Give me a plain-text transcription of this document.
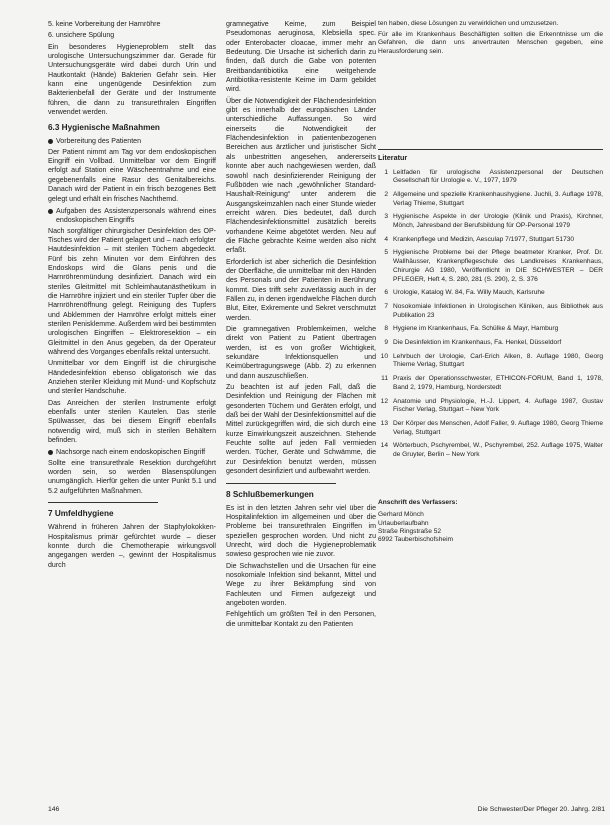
5. keine Vorbereitung der Harnröhre
6. unsichere Spülung
Ein besonderes Hygieneproblem stellt das urologische Untersuchungszimmer dar. Gerade für Untersuchungsgeräte wird dabei durch Urin und Hautkontakt (Hände) Bakterien Gefahr sein. Hier kann eine ungenügende Desinfektion zum Bakterienbefall der Geräte und der Instrumente führen, die dann zu transurethralen Eingriffen verwendet werden.
6.3 Hygienische Maßnahmen
Vorbereitung des Patienten
Der Patient nimmt am Tag vor dem endoskopischen Eingriff ein Vollbad. Unmittelbar vor dem Eingriff erfolgt auf Station eine Wäscheentnahme und eine gegebenenfalls eine Rasur des Genitalbereichs. Danach wird der Patient in ein frisch bezogenes Bett gelegt und erhält ein frisches Nachthemd.
Aufgaben des Assistenzpersonals während eines endoskopischen Eingriffs
Nach sorgfältiger chirurgischer Desinfektion des OP-Tisches wird der Patient gelagert und – nach erfolgter Hautdesinfektion – mit sterilen Tüchern abgedeckt. Fünf bis zehn Minuten vor dem Einführen des Endoskops wird die Glans penis und die Harnröhrenmündung desinfiziert. Danach wird ein steriles Gleitmittel mit Schleimhautanästhetikum in die Harnröhre injiziert und ein steriler Tupfer über die Harnröhrenöffnung gelegt. Reinigung des Tupfers und Abklemmen der Harnröhre erfolgt mittels einer sterilen Penisklemme. Außerdem wird bei bestimmten urologischen Eingriffen – Elektroresektion – ein Gleitmittel in den Anus gegeben, da der Operateur während des Vorganges ebenfalls rektal untersucht.
Unmittelbar vor dem Eingriff ist die chirurgische Händedesinfektion ebenso obligatorisch wie das Anziehen steriler Kleidung mit Mund- und Kopfschutz und steriler Handschuhe.
Das Anreichen der sterilen Instrumente erfolgt ebenfalls unter sterilen Kautelen. Das sterile Spülwasser, das bei diesem Eingriff ebenfalls notwendig wird, muß sich in sterilen Behältern befinden.
Nachsorge nach einem endoskopischen Eingriff
Sollte eine transurethrale Resektion durchgeführt worden sein, so werden Blasenspülungen unumgänglich. Hierfür gelten die unter Punkt 5.1 und 5.2 aufgeführten Maßnahmen.
7 Umfeldhygiene
Während in früheren Jahren der Staphylokokken-Hospitalismus primär gefürchtet wurde – dieser konnte durch die Chemotherapie wirkungsvoll angegangen werden –, gewinnt der Hospitalismus durch
gramnegative Keime, zum Beispiel Pseudomonas aeruginosa, Klebsiella spec. oder Enterobacter cloacae, immer mehr an Bedeutung. Die Ursache ist sicherlich darin zu finden, daß durch die Gabe von potenten Breitbandantibiotika eine weitgehende Antibiotika-resistente Keime im Darm gebildet wird.
Über die Notwendigkeit der Flächendesinfektion gibt es innerhalb der europäischen Länder unterschiedliche Auffassungen. So wird einerseits die Notwendigkeit der Flächendesinfektion in patientenbezogenen Bereichen aus ärztlicher und juristischer Sicht als unbestritten angesehen, andererseits konnte aber auch nachgewiesen werden, daß sowohl nach desinfizierender Reinigung der Fußböden wie nach „gewöhnlicher Standard-Haushalt-Reinigung“ unter anderem die Ausgangskeimzahlen nach einer Stunde wieder erreicht wären. Dies bedeutet, daß durch Flächendesinfektionsmittel zusätzlich bereits vorhandene Keime abgetötet werden. Neu auf die Fläche gebrachte Keime werden also nicht erfaßt.
Erforderlich ist aber sicherlich die Desinfektion der Oberfläche, die unmittelbar mit den Händen des Personals und der Patienten in Berührung kommt. Dies trifft sehr zuverlässig auch in der Fällen zu, in denen irgendwelche Flächen durch Blut, Eiter, Exkremente und Sekret verschmutzt werden.
Die gramnegativen Problemkeimen, welche direkt von Patient zu Patient übertragen werden, ist es von großer Wichtigkeit, sekundäre Infektionsquellen und Keimübertragungswege (Abb. 2) zu erkennen und dann auszuschließen.
Zu beachten ist auf jeden Fall, daß die Desinfektion und Reinigung der Flächen mit gesonderten Tüchern und Geräten erfolgt, und daß bei der Wahl der Desinfektionsmittel auf die Mittel zurückgegriffen wird, die sich durch eine kurze Einwirkungszeit auszeichnen. Stehende Feuchte sollte auf jeden Fall vermieden werden. Tücher, Geräte und Schwämme, die zur Desinfektion benutzt werden, müssen gesondert desinfiziert und aufbewahrt werden.
8 Schlußbemerkungen
Es ist in den letzten Jahren sehr viel über die Hospitalinfektion im allgemeinen und über die Probleme bei transurethralen Eingriffen im speziellen gesprochen worden. Und nicht zu Unrecht, wird doch die Hygieneproblematik sowieso gesprochen wie nie zuvor.
Die Schwachstellen und die Ursachen für eine nosokomiale Infektion sind bekannt, Mittel und Wege zu ihrer Bekämpfung sind von Fachleuten und Firmen aufgezeigt und angeboten worden.
Fehlgehtlich um größten Teil in den Personen, die unmittelbar Kontakt zu den Patienten
ten haben, diese Lösungen zu verwirklichen und umzusetzen.
Für alle im Krankenhaus Beschäftigten sollten die Erkenntnisse um die Gefahren, die dann uns anvertrauten Menschen gegeben, eine Herausforderung sein.
Literatur
1 Leitfaden für urologische Assistenzpersonal der Deutschen Gesellschaft für Urologie e. V., 1977, 1979
2 Allgemeine und spezielle Krankenhaushygiene. Juchli, 3. Auflage 1978, Verlag Thieme, Stuttgart
3 Hygienische Aspekte in der Urologie (Klinik und Praxis), Kirchner, Mönch, Jahresband der Berufsbildung für OP-Personal 1979
4 Krankenpflege und Medizin, Aesculap 7/1977, Stuttgart 51730
5 Hygienische Probleme bei der Pflege beatmeter Kranker, Prof. Dr. Wallhäusser, Krankenpflegeschule des Landkreises Krankenhaus, Chirurgie AG 1980, Veröffentlicht in DIE SCHWESTER – DER PFLEGER, Heft 4, S. 280, 281 (S. 290), 2, S. 376
6 Urologie, Katalog W. 84, Fa. Willy Mauch, Karlsruhe
7 Nosokomiale Infektionen in Urologischen Kliniken, aus Bibliothek aus Publikation 23
8 Hygiene im Krankenhaus, Fa. Schülke & Mayr, Hamburg
9 Die Desinfektion im Krankenhaus, Fa. Henkel, Düsseldorf
10 Lehrbuch der Urologie, Carl-Erich Alken, 8. Auflage 1980, Georg Thieme Verlag, Stuttgart
11 Praxis der Operationsschwester, ETHICON-FORUM, Band 1, 1978, Band 2, 1979, Hamburg, Norderstedt
12 Anatomie und Physiologie, H.-J. Lippert, 4. Auflage 1987, Gustav Fischer Verlag, Stuttgart – New York
13 Der Körper des Menschen, Adolf Faller, 9. Auflage 1980, Georg Thieme Verlag, Stuttgart
14 Wörterbuch, Pschyrembel, W., Pschyrembel, 252. Auflage 1975, Walter de Gruyter, Berlin – New York
Anschrift des Verfassers:
Gerhard Mönch
Urlauberlaufbahn
Straße Ringstraße 52
6992 Tauberbischofsheim
146	Die Schwester/Der Pfleger 20. Jahrg. 2/81
